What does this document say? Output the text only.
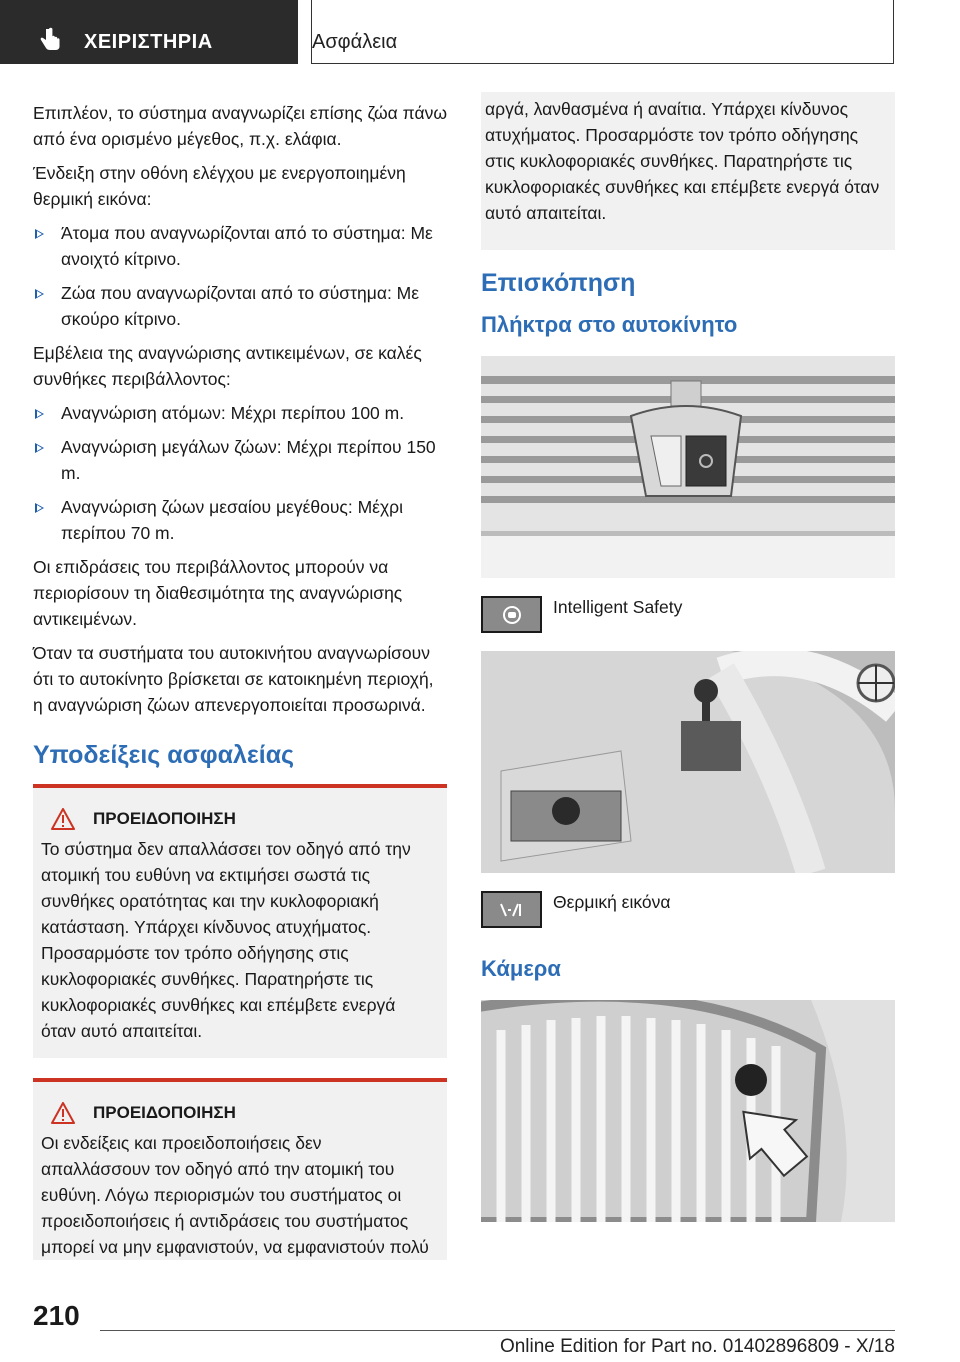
ΧΕΙΡΙΣΤΗΡΙΑ	Ασφάλεια

Επιπλέον, το σύστημα αναγνωρίζει επίσης ζώα πάνω από ένα ορισμένο μέγεθος, π.χ. ελάφια.

Ένδειξη στην οθόνη ελέγχου με ενεργοποιημένη θερμική εικόνα:

Άτομα που αναγνωρίζονται από το σύστημα: Με ανοιχτό κίτρινο.
Ζώα που αναγνωρίζονται από το σύστημα: Με σκούρο κίτρινο.

Εμβέλεια της αναγνώρισης αντικειμένων, σε καλές συνθήκες περιβάλλοντος:

Αναγνώριση ατόμων: Μέχρι περίπου 100 m.
Αναγνώριση μεγάλων ζώων: Μέχρι περίπου 150 m.
Αναγνώριση ζώων μεσαίου μεγέθους: Μέχρι περίπου 70 m.

Οι επιδράσεις του περιβάλλοντος μπορούν να περιορίσουν τη διαθεσιμότητα της αναγνώρισης αντικειμένων.

Όταν τα συστήματα του αυτοκινήτου αναγνωρίσουν ότι το αυτοκίνητο βρίσκεται σε κατοικημένη περιοχή, η αναγνώριση ζώων απενεργοποιείται προσωρινά.

Υποδείξεις ασφαλείας
ΠΡΟΕΙΔΟΠΟΙΗΣΗ

Το σύστημα δεν απαλλάσσει τον οδηγό από την ατομική του ευθύνη να εκτιμήσει σωστά τις συνθήκες ορατότητας και την κυκλοφοριακή κατάσταση. Υπάρχει κίνδυνος ατυχήματος. Προσαρμόστε τον τρόπο οδήγησης στις κυκλοφοριακές συνθήκες. Παρατηρήστε τις κυκλοφοριακές συνθήκες και επέμβετε ενεργά όταν αυτό απαιτείται.

ΠΡΟΕΙΔΟΠΟΙΗΣΗ

Οι ενδείξεις και προειδοποιήσεις δεν απαλλάσσουν τον οδηγό από την ατομική του ευθύνη. Λόγω περιορισμών του συστήματος οι προειδοποιήσεις ή αντιδράσεις του συστήματος μπορεί να μην εμφανιστούν, να εμφανιστούν πολύ

αργά, λανθασμένα ή αναίτια. Υπάρχει κίνδυνος ατυχήματος. Προσαρμόστε τον τρόπο οδήγησης στις κυκλοφοριακές συνθήκες. Παρατηρήστε τις κυκλοφοριακές συνθήκες και επέμβετε ενεργά όταν αυτό απαιτείται.

Επισκόπηση
Πλήκτρα στο αυτοκίνητο
Intelligent Safety
Θερμική εικόνα
Κάμερα
210
Online Edition for Part no. 01402896809 - X/18
